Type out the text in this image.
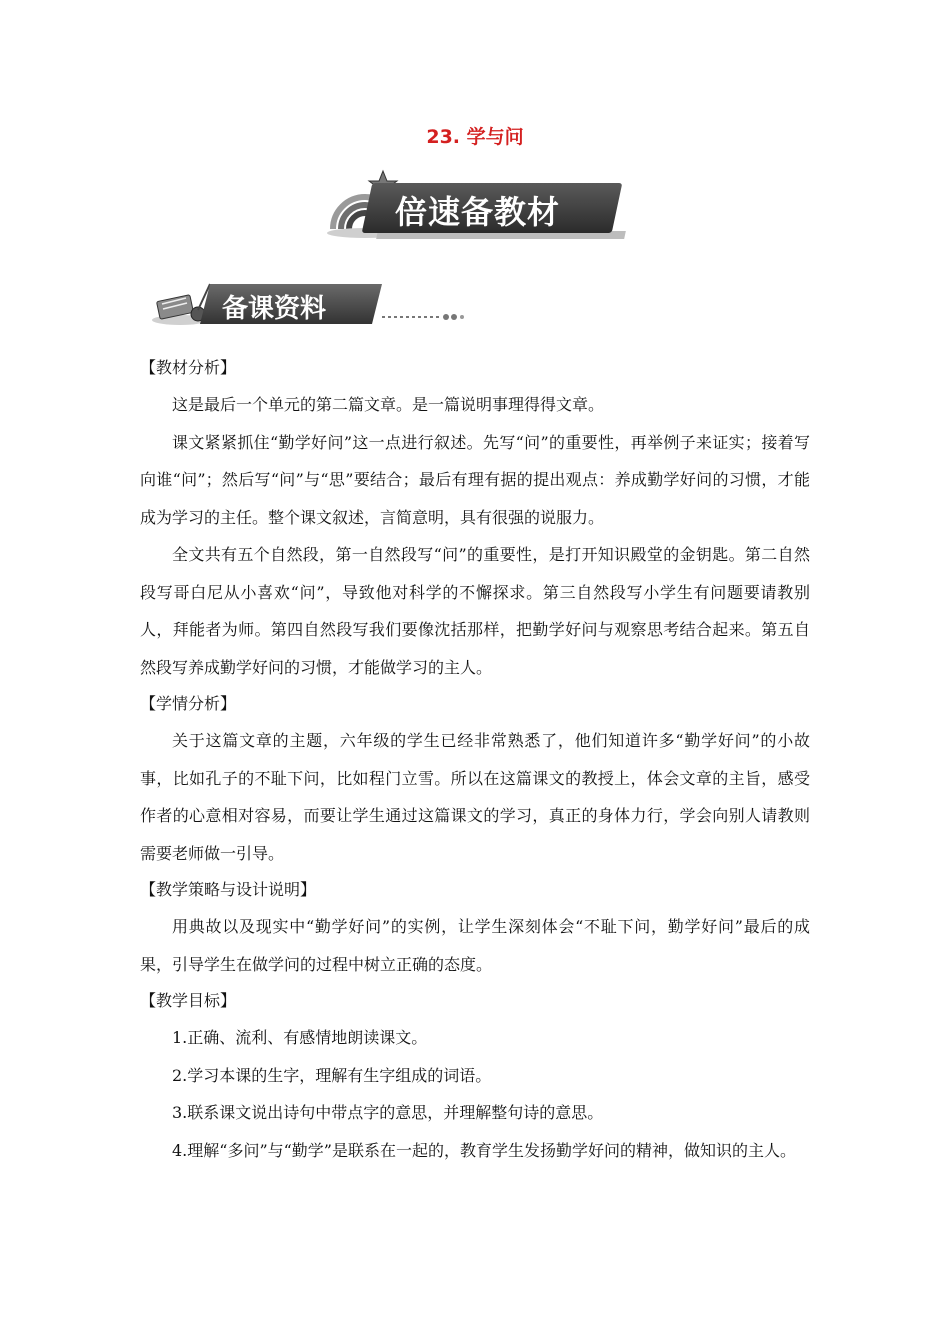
23. 学与问
倍速备教材
备课资料

【教材分析】

这是最后一个单元的第二篇文章。是一篇说明事理得得文章。

课文紧紧抓住“勤学好问”这一点进行叙述。先写“问”的重要性，再举例子来证实；接着写向谁“问”；然后写“问”与“思”要结合；最后有理有据的提出观点：养成勤学好问的习惯，才能成为学习的主任。整个课文叙述，言简意明，具有很强的说服力。

全文共有五个自然段，第一自然段写“问”的重要性，是打开知识殿堂的金钥匙。第二自然段写哥白尼从小喜欢“问”，导致他对科学的不懈探求。第三自然段写小学生有问题要请教别人，拜能者为师。第四自然段写我们要像沈括那样，把勤学好问与观察思考结合起来。第五自然段写养成勤学好问的习惯，才能做学习的主人。

【学情分析】

关于这篇文章的主题，六年级的学生已经非常熟悉了，他们知道许多“勤学好问”的小故事，比如孔子的不耻下问，比如程门立雪。所以在这篇课文的教授上，体会文章的主旨，感受作者的心意相对容易，而要让学生通过这篇课文的学习，真正的身体力行，学会向别人请教则需要老师做一引导。

【教学策略与设计说明】

用典故以及现实中“勤学好问”的实例，让学生深刻体会“不耻下问，勤学好问”最后的成果，引导学生在做学问的过程中树立正确的态度。

【教学目标】

1.正确、流利、有感情地朗读课文。

2.学习本课的生字，理解有生字组成的词语。

3.联系课文说出诗句中带点字的意思，并理解整句诗的意思。

4.理解“多问”与“勤学”是联系在一起的，教育学生发扬勤学好问的精神，做知识的主人。
